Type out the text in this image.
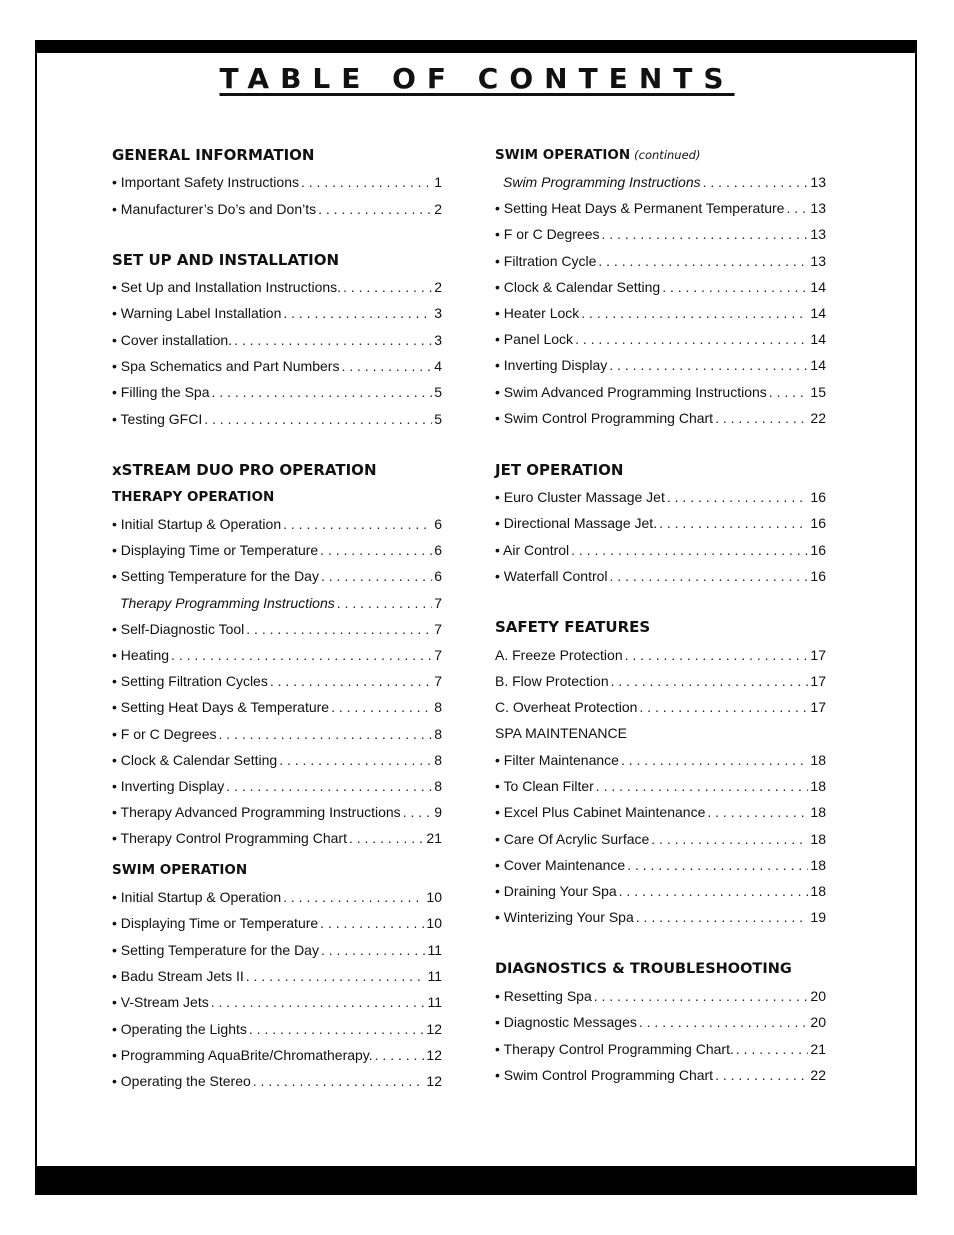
TABLE OF CONTENTS
GENERAL INFORMATION
• Important Safety Instructions . . .	1
• Manufacturer’s Do’s and Don’ts . . .	2
SET UP AND INSTALLATION
• Set Up and Installation Instructions. . . .	2
• Warning Label Installation . . .	3
• Cover installation. . . .	3
• Spa Schematics and Part Numbers . . .	4
• Filling the Spa . . .	5
• Testing GFCI . . .	5
xSTREAM DUO PRO OPERATION
THERAPY OPERATION
• Initial Startup & Operation . . .	6
• Displaying Time or Temperature . . .	6
• Setting Temperature for the Day . . .	6
Therapy Programming Instructions . . .	7
• Self-Diagnostic Tool . . .	7
• Heating . . .	7
• Setting Filtration Cycles . . .	7
• Setting Heat Days & Temperature . . .	8
• F or C Degrees . . .	8
• Clock & Calendar Setting . . .	8
• Inverting Display . . .	8
• Therapy Advanced Programming Instructions . . . 9
• Therapy Control Programming Chart . . .	21
SWIM OPERATION
• Initial Startup & Operation . . .	10
• Displaying Time or Temperature . . .	10
• Setting Temperature for the Day . . .	11
• Badu Stream Jets II . . .	11
• V-Stream Jets . . .	11
• Operating the Lights . . .	12
• Programming AquaBrite/Chromatherapy. . . .	12
• Operating the Stereo . . .	12
SWIM OPERATION (continued)
Swim Programming Instructions . . .	13
• Setting Heat Days & Permanent Temperature . . . 13
• F or C Degrees . . .	13
• Filtration Cycle . . .	13
• Clock & Calendar Setting . . .	14
• Heater Lock . . .	14
• Panel Lock . . .	14
• Inverting Display . . .	14
• Swim Advanced Programming Instructions . . .	15
• Swim Control Programming Chart . . .	22
JET OPERATION
• Euro Cluster Massage Jet . . .	16
• Directional Massage Jet. . . .	16
• Air Control . . .	16
• Waterfall Control . . .	16
SAFETY FEATURES
A. Freeze Protection . . .	17
B. Flow Protection . . .	17
C. Overheat Protection . . .	17
SPA MAINTENANCE
• Filter Maintenance . . .	18
• To Clean Filter . . .	18
• Excel Plus Cabinet Maintenance . . .	18
• Care Of Acrylic Surface . . .	18
• Cover Maintenance . . .	18
• Draining Your Spa . . .	18
• Winterizing Your Spa . . .	19
DIAGNOSTICS & TROUBLESHOOTING
• Resetting Spa . . .	20
• Diagnostic Messages . . .	20
• Therapy Control Programming Chart. . . .	21
• Swim Control Programming Chart . . .	22
